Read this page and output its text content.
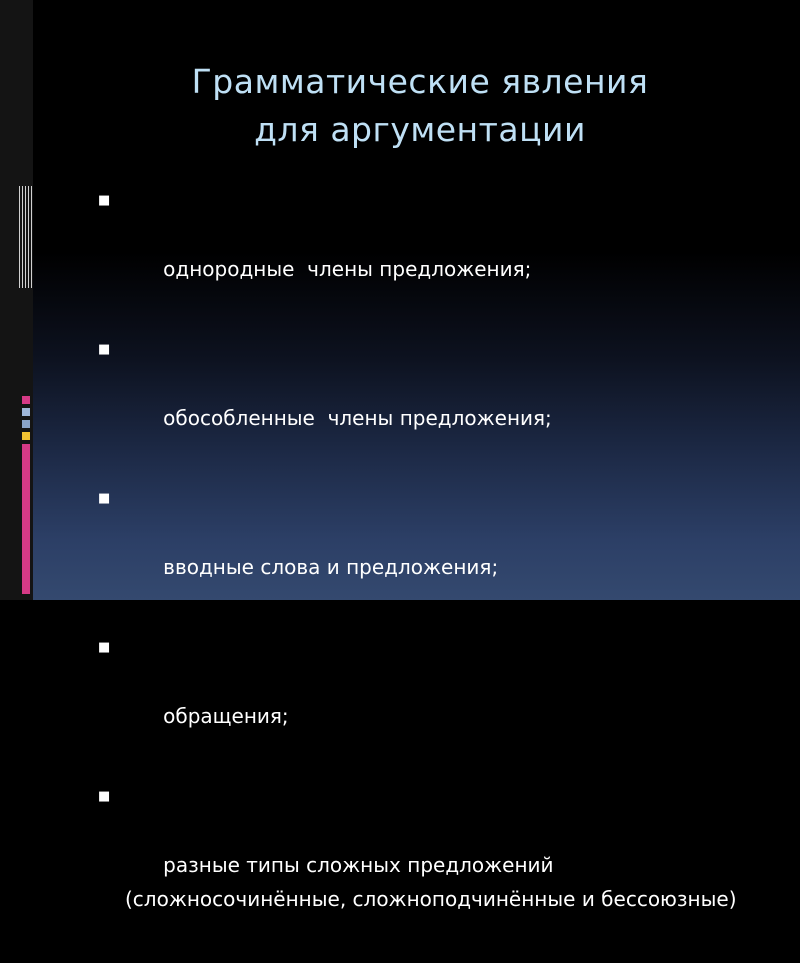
Грамматические явления
для аргументации

■

однородные  члены предложения;

■

обособленные  члены предложения;

■

вводные слова и предложения;

■

обращения;

■

разные типы сложных предложений (сложносочинённые, сложноподчинённые и бессоюзные)
